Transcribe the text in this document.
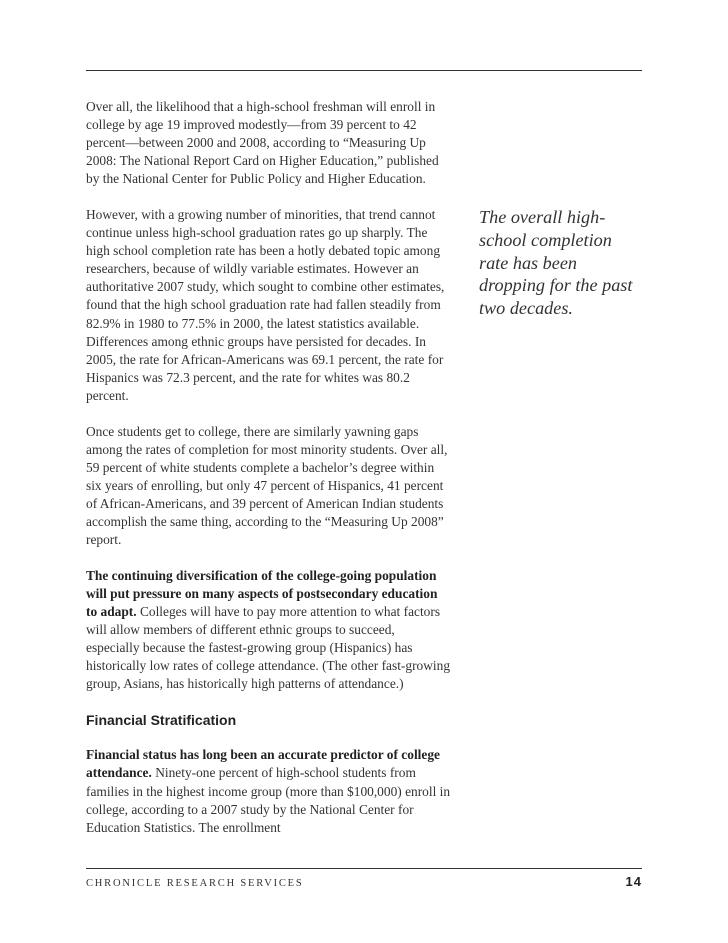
Over all, the likelihood that a high-school freshman will enroll in college by age 19 improved modestly—from 39 percent to 42 percent—between 2000 and 2008, according to “Measuring Up 2008: The National Report Card on Higher Education,” published by the National Center for Public Policy and Higher Education.

However, with a growing number of minorities, that trend cannot continue unless high-school graduation rates go up sharply. The high school completion rate has been a hotly debated topic among researchers, because of wildly variable estimates. However an authoritative 2007 study, which sought to combine other estimates, found that the high school graduation rate had fallen steadily from 82.9% in 1980 to 77.5% in 2000, the latest statistics available. Differences among ethnic groups have persisted for decades. In 2005, the rate for African-Americans was 69.1 percent, the rate for Hispanics was 72.3 percent, and the rate for whites was 80.2 percent.

Once students get to college, there are similarly yawning gaps among the rates of completion for most minority students. Over all, 59 percent of white students complete a bachelor’s degree within six years of enrolling, but only 47 percent of Hispanics, 41 percent of African-Americans, and 39 percent of American Indian students accomplish the same thing, according to the “Measuring Up 2008” report.

The continuing diversification of the college-going population will put pressure on many aspects of postsecondary education to adapt. Colleges will have to pay more attention to what factors will allow members of different ethnic groups to succeed, especially because the fastest-growing group (Hispanics) has historically low rates of college attendance. (The other fast-growing group, Asians, has historically high patterns of attendance.)

Financial Stratification

Financial status has long been an accurate predictor of college attendance. Ninety-one percent of high-school students from families in the highest income group (more than $100,000) enroll in college, according to a 2007 study by the National Center for Education Statistics. The enrollment

The overall high-school completion rate has been dropping for the past two decades.
CHRONICLE RESEARCH SERVICES	14
